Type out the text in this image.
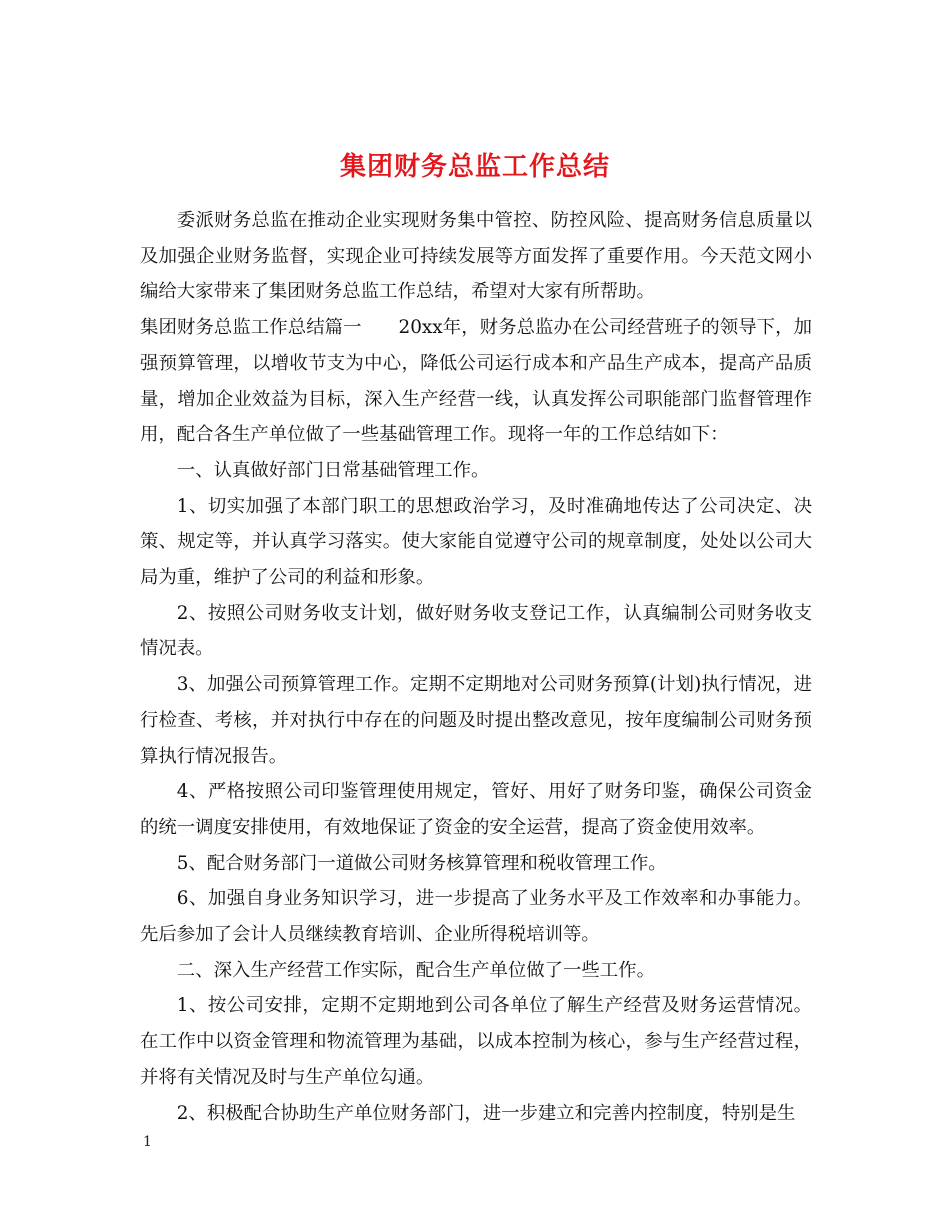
集团财务总监工作总结

委派财务总监在推动企业实现财务集中管控、防控风险、提高财务信息质量以及加强企业财务监督，实现企业可持续发展等方面发挥了重要作用。今天范文网小编给大家带来了集团财务总监工作总结，希望对大家有所帮助。

集团财务总监工作总结篇一　　20xx年，财务总监办在公司经营班子的领导下，加强预算管理，以增收节支为中心，降低公司运行成本和产品生产成本，提高产品质量，增加企业效益为目标，深入生产经营一线，认真发挥公司职能部门监督管理作用，配合各生产单位做了一些基础管理工作。现将一年的工作总结如下：

一、认真做好部门日常基础管理工作。

1、切实加强了本部门职工的思想政治学习，及时准确地传达了公司决定、决策、规定等，并认真学习落实。使大家能自觉遵守公司的规章制度，处处以公司大局为重，维护了公司的利益和形象。

2、按照公司财务收支计划，做好财务收支登记工作，认真编制公司财务收支情况表。

3、加强公司预算管理工作。定期不定期地对公司财务预算(计划)执行情况，进行检查、考核，并对执行中存在的问题及时提出整改意见，按年度编制公司财务预算执行情况报告。

4、严格按照公司印鉴管理使用规定，管好、用好了财务印鉴，确保公司资金的统一调度安排使用，有效地保证了资金的安全运营，提高了资金使用效率。

5、配合财务部门一道做公司财务核算管理和税收管理工作。

6、加强自身业务知识学习，进一步提高了业务水平及工作效率和办事能力。先后参加了会计人员继续教育培训、企业所得税培训等。

二、深入生产经营工作实际，配合生产单位做了一些工作。

1、按公司安排，定期不定期地到公司各单位了解生产经营及财务运营情况。在工作中以资金管理和物流管理为基础，以成本控制为核心，参与生产经营过程，并将有关情况及时与生产单位勾通。

2、积极配合协助生产单位财务部门，进一步建立和完善内控制度，特别是生

1
